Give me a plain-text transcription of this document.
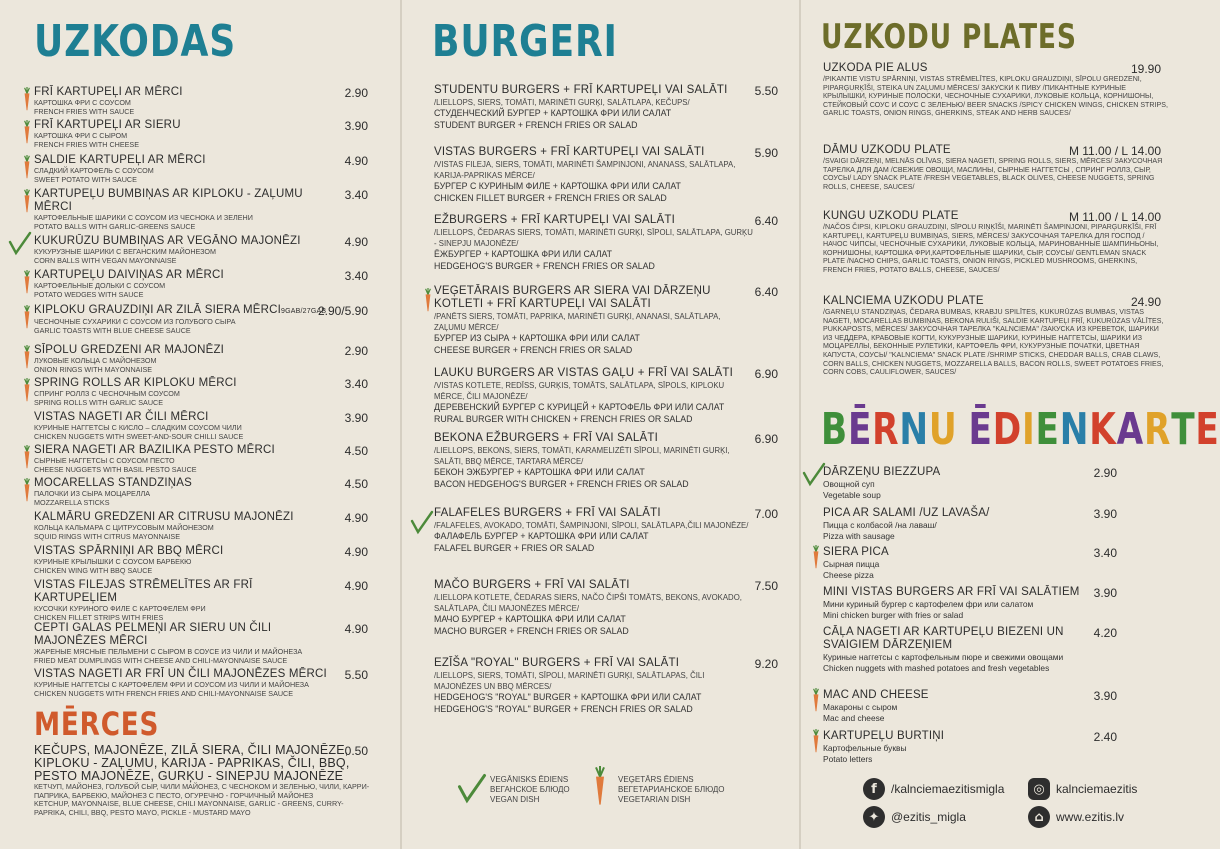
UZKODAS
FRĪ KARTUPEĻI AR MĒRCI
КАРТОШКА ФРИ С СОУСОМ
FRENCH FRIES WITH SAUCE
2.90
FRĪ KARTUPEĻI AR SIERU
КАРТОШКА ФРИ С СЫРОМ
FRENCH FRIES WITH CHEESE
3.90
SALDIE KARTUPEĻI AR MĒRCI
СЛАДКИЙ КАРТОФЕЛЬ С СОУСОМ
SWEET POTATO WITH SAUCE
4.90
KARTUPEĻU BUMBIŅAS AR KIPLOKU - ZAĻUMU MĒRCI
КАРТОФЕЛЬНЫЕ ШАРИКИ С СОУСОМ ИЗ ЧЕСНОКА И ЗЕЛЕНИ
POTATO BALLS WITH GARLIC-GREENS SAUCE
3.40
KUKURŪZU BUMBIŅAS AR VEGĀNO MAJONĒZI
КУКУРУЗНЫЕ ШАРИКИ С ВЕГАНСКИМ МАЙОНЕЗОМ
CORN BALLS WITH VEGAN MAYONNAISE
4.90
KARTUPEĻU DAIVIŅAS AR MĒRCI
КАРТОФЕЛЬНЫЕ ДОЛЬКИ С СОУСОМ
POTATO WEDGES WITH SAUCE
3.40
KIPLOKU GRAUZDIŅI AR ZILĀ SIERA MĒRCI9GAB/27GAB
ЧЕСНОЧНЫЕ СУХАРИКИ С СОУСОМ ИЗ ГОЛУБОГО СЫРА
GARLIC TOASTS WITH BLUE CHEESE SAUCE
2.90/5.90
SĪPOLU GREDZENI AR MAJONĒZI
ЛУКОВЫЕ КОЛЬЦА С МАЙОНЕЗОМ
ONION RINGS WITH MAYONNAISE
2.90
SPRING ROLLS AR KIPLOKU MĒRCI
СПРИНГ РОЛЛЗ С ЧЕСНОЧНЫМ СОУСОМ
SPRING ROLLS WITH GARLIC SAUCE
3.40
VISTAS NAGETI AR ČILI MĒRCI
КУРИНЫЕ НАГГЕТСЫ С КИСЛО – СЛАДКИМ СОУСОМ ЧИЛИ
CHICKEN NUGGETS WITH SWEET-AND-SOUR CHILLI SAUCE
3.90
SIERA NAGETI AR BAZILIKA PESTO MĒRCI
СЫРНЫЕ НАГГЕТСЫ С СОУСОМ ПЕСТО
CHEESE NUGGETS WITH BASIL PESTO SAUCE
4.50
MOCARELLAS STANDZIŅAS
ПАЛОЧКИ ИЗ СЫРА МОЦАРЕЛЛА
MOZZARELLA STICKS
4.50
KALMĀRU GREDZENI AR CITRUSU MAJONĒZI
КОЛЬЦА КАЛЬМАРА С ЦИТРУСОВЫМ МАЙОНЕЗОМ
SQUID RINGS WITH CITRUS MAYONNAISE
4.90
VISTAS SPĀRNIŅI AR BBQ MĒRCI
КУРИНЫЕ КРЫЛЫШКИ С СОУСОМ БАРБЕКЮ
CHICKEN WING WITH BBQ SAUCE
4.90
VISTAS FILEJAS STRĒMELĪTES AR FRĪ KARTUPEĻIEM
КУСОЧКИ КУРИНОГО ФИЛЕ С КАРТОФЕЛЕМ ФРИ
CHICKEN FILLET STRIPS WITH FRIES
4.90
CEPTI GALAS PELMEŅI AR SIERU UN ČILI MAJONĒZES MĒRCI
ЖАРЕНЫЕ МЯСНЫЕ ПЕЛЬМЕНИ С СЫРОМ В СОУСЕ ИЗ ЧИЛИ И МАЙОНЕЗА
FRIED MEAT DUMPLINGS WITH CHEESE AND CHILI-MAYONNAISE SAUCE
4.90
VISTAS NAGETI AR FRĪ UN ČILI MAJONĒZES MĒRCI
КУРИНЫЕ НАГГЕТСЫ С КАРТОФЕЛЕМ ФРИ И СОУСОМ ИЗ ЧИЛИ И МАЙОНЕЗА
CHICKEN NUGGETS WITH FRENCH FRIES AND CHILI-MAYONNAISE SAUCE
5.50
MĒRCES
KEČUPS, MAJONĒZE, ZILĀ SIERA, ČILI MAJONĒZE, KIPLOKU - ZAĻUMU, KARIJA - PAPRIKAS, ČILI, BBQ, PESTO MAJONĒZE, GURĶU - SINEPJU MAJONĒZE
КЕТЧУП, МАЙОНЕЗ, ГОЛУБОЙ СЫР, ЧИЛИ МАЙОНЕЗ, С ЧЕСНОКОМ И ЗЕЛЕНЬЮ, ЧИЛИ, КАРРИ-ПАПРИКА, БАРБЕКЮ, МАЙОНЕЗ С ПЕСТО, ОГУРЕЧНО - ГОРЧИЧНЫЙ МАЙОНЕЗ
KETCHUP, MAYONNAISE, BLUE CHEESE, CHILI MAYONNAISE, GARLIC - GREENS, CURRY-PAPRIKA, CHILI, BBQ, PESTO MAYO, PICKLE - MUSTARD MAYO
0.50
BURGERI
STUDENTU BURGERS + FRĪ KARTUPEĻI VAI SALĀTI
/LIELLOPS, SIERS, TOMĀTI, MARINĒTI GURĶI, SALĀTLAPA, KEČUPS/
СТУДЕНЧЕСКИЙ БУРГЕР + КАРТОШКА ФРИ ИЛИ САЛАТ
STUDENT BURGER + FRENCH FRIES OR SALAD
5.50
VISTAS BURGERS + FRĪ KARTUPEĻI VAI SALĀTI
/VISTAS FILEJA, SIERS, TOMĀTI, MARINĒTI ŠAMPINJONI, ANANASS, SALĀTLAPA, KARIJA-PAPRIKAS MĒRCE/
БУРГЕР С КУРИНЫМ ФИЛЕ + КАРТОШКА ФРИ ИЛИ САЛАТ
CHICKEN FILLET BURGER + FRENCH FRIES OR SALAD
5.90
EŽBURGERS + FRĪ KARTUPEĻI VAI SALĀTI
/LIELLOPS, ČEDARAS SIERS, TOMĀTI, MARINĒTI GURĶI, SĪPOLI, SALĀTLAPA, GURĶU - SINEPJU MAJONĒZE/
ЁЖБУРГЕР + КАРТОШКА ФРИ ИЛИ САЛАТ
HEDGEHOG'S BURGER + FRENCH FRIES OR SALAD
6.40
VEĢETĀRAIS BURGERS AR SIERA VAI DĀRZEŅU KOTLETI + FRĪ KARTUPEĻI VAI SALĀTI
/PANĒTS SIERS, TOMĀTI, PAPRIKA, MARINĒTI GURĶI, ANANASI, SALĀTLAPA, ZAĻUMU MĒRCE/
БУРГЕР ИЗ СЫРА + КАРТОШКА ФРИ ИЛИ САЛАТ
CHEESE BURGER + FRENCH FRIES OR SALAD
6.40
LAUKU BURGERS AR VISTAS GAĻU + FRĪ VAI SALĀTI
/VISTAS KOTLETE, REDĪSS, GURĶIS, TOMĀTS, SALĀTLAPA, SĪPOLS, KIPLOKU MĒRCE, ČILI MAJONĒZE/
ДЕРЕВЕНСКИЙ БУРГЕР С КУРИЦЕЙ + КАРТОФЕЛЬ ФРИ ИЛИ САЛАТ
RURAL BURGER WITH CHICKEN + FRENCH FRIES OR SALAD
6.90
BEKONA EŽBURGERS + FRĪ VAI SALĀTI
/LIELLOPS, BEKONS, SIERS, TOMĀTI, KARAMELIZĒTI SĪPOLI, MARINĒTI GURĶI, SALĀTI, BBQ MĒRCE, TARTARA MĒRCE/
БЕКОН ЭЖБУРГЕР + КАРТОШКА ФРИ ИЛИ САЛАТ
BACON HEDGEHOG'S BURGER + FRENCH FRIES OR SALAD
6.90
FALAFELES BURGERS + FRĪ VAI SALĀTI
/FALAFELES, AVOKADO, TOMĀTI, ŠAMPINJONI, SĪPOLI, SALĀTLAPA,ČILI MAJONĒZE/
ФАЛАФЕЛЬ БУРГЕР + КАРТОШКА ФРИ ИЛИ САЛАТ
FALAFEL BURGER + FRIES OR SALAD
7.00
MAČO BURGERS + FRĪ VAI SALĀTI
/LIELLOPA KOTLETE, ČEDARAS SIERS, NAČO ČIPŠI TOMĀTS, BEKONS, AVOKADO, SALĀTLAPA, ČILI MAJONĒZES MĒRCE/
МАЧО БУРГЕР + КАРТОШКА ФРИ ИЛИ САЛАТ
MACHO BURGER + FRENCH FRIES OR SALAD
7.50
EZĪŠA "ROYAL" BURGERS + FRĪ VAI SALĀTI
/LIELLOPS, SIERS, TOMĀTI, SĪPOLI, MARINĒTI GURĶI, SALĀTLAPAS, ČILI MAJONĒZES UN BBQ MĒRCES/
HEDGEHOG'S "ROYAL" BURGER + КАРТОШКА ФРИ ИЛИ САЛАТ
HEDGEHOG'S "ROYAL" BURGER + FRENCH FRIES OR SALAD
9.20
VEGĀNISKS ĒDIENS
ВЕГАНСКОЕ БЛЮДО
VEGAN DISH
VEĢETĀRS ĒDIENS
ВЕГЕТАРИАНСКОЕ БЛЮДО
VEGETARIAN DISH
UZKODU PLATES
UZKODA PIE ALUS
/PIKANTIE VISTU SPĀRNIŅI, VISTAS STRĒMELĪTES, KIPLOKU GRAUZDIŅI, SĪPOLU GREDZENI, PIPARĢURĶĪŠI, STEIKA UN ZAĻUMU MĒRCES/ ЗАКУСКИ К ПИВУ /ПИКАНТНЫЕ КУРИНЫЕ КРЫЛЫШКИ, КУРИНЫЕ ПОЛОСКИ, ЧЕСНОЧНЫЕ СУХАРИКИ, ЛУКОВЫЕ КОЛЬЦА, КОРНИШОНЫ, СТЕЙКОВЫЙ СОУС И СОУС С ЗЕЛЕНЬЮ/ BEER SNACKS /SPICY CHICKEN WINGS, CHICKEN STRIPS, GARLIC TOASTS, ONION RINGS, GHERKINS, STEAK AND HERB SAUCES/
19.90
DĀMU UZKODU PLATE
/SVAIGI DĀRZEŅI, MELNĀS OLĪVAS, SIERA NAGETI, SPRING ROLLS, SIERS, MĒRCES/ ЗАКУСОЧНАЯ ТАРЕЛКА ДЛЯ ДАМ /СВЕЖИЕ ОВОЩИ, МАСЛИНЫ, СЫРНЫЕ НАГГЕТСЫ , СПРИНГ РОЛЛЗ, СЫР, СОУСЫ/ LADY SNACK PLATE /FRESH VEGETABLES, BLACK OLIVES, CHEESE NUGGETS, SPRING ROLLS, CHEESE, SAUCES/
M 11.00 / L 14.00
KUNGU UZKODU PLATE
/NAČOS ČIPSI, KIPLOKU GRAUZDIŅI, SĪPOLU RIŅĶĪŠI, MARINĒTI ŠAMPINJONI, PIPARĢURĶĪŠI, FRĪ KARTUPEĻI, KARTUPEĻU BUMBIŅAS, SIERS, MĒRCES/ ЗАКУСОЧНАЯ ТАРЕЛКА ДЛЯ ГОСПОД /НАЧОС ЧИПСЫ, ЧЕСНОЧНЫЕ СУХАРИКИ, ЛУКОВЫЕ КОЛЬЦА, МАРИНОВАННЫЕ ШАМПИНЬОНЫ, КОРНИШОНЫ, КАРТОШКА ФРИ,КАРТОФЕЛЬНЫЕ ШАРИКИ, СЫР, СОУСЫ/ GENTLEMAN SNACK PLATE /NACHO CHIPS, GARLIC TOASTS, ONION RINGS, PICKLED MUSHROOMS, GHERKINS, FRENCH FRIES, POTATO BALLS, CHEESE, SAUCES/
M 11.00 / L 14.00
KALNCIEMA UZKODU PLATE
/GARNEĻU STANDZIŅAS, ČEDARA BUMBAS, KRABJU SPILĪTES, KUKURŪZAS BUMBAS, VISTAS NAGETI, MOCARELLAS BUMBIŅAS, BEKONA RULIŠI, SALDIE KARTUPEĻI FRĪ, KUKURŪZAS VĀLĪTES, PUKKAPOSTS, MĒRCES/ ЗАКУСОЧНАЯ ТАРЕЛКА "KALNCIEMA" /ЗАКУСКА ИЗ КРЕВЕТОК, ШАРИКИ ИЗ ЧЕДДЕРА, КРАБОВЫЕ КОГТИ, КУКУРУЗНЫЕ ШАРИКИ, КУРИНЫЕ НАГГЕТСЫ, ШАРИКИ ИЗ МОЦАРЕЛЛЫ, БЕКОННЫЕ РУЛЕТИКИ, КАРТОФЕЛЬ ФРИ, КУКУРУЗНЫЕ ПОЧАТКИ, ЦВЕТНАЯ КАПУСТА, СОУСЫ/ "KALNCIEMA" SNACK PLATE /SHRIMP STICKS, CHEDDAR BALLS, CRAB CLAWS, CORN BALLS, CHICKEN NUGGETS, MOZZARELLA BALLS, BACON ROLLS, SWEET POTATOES FRIES, CORN COBS, CAULIFLOWER, SAUCES/
24.90
BĒRNU ĒDIENKARTE
DĀRZEŅU BIEZZUPA
Овощной суп
Vegetable soup
2.90
PICA AR SALAMI /UZ LAVAŠA/
Пицца с колбасой /на лаваш/
Pizza with sausage
3.90
SIERA PICA
Сырная пицца
Cheese pizza
3.40
MINI VISTAS BURGERS AR FRĪ VAI SALĀTIEM
Мини куриный бургер с картофелем фри или салатом
Mini chicken burger with fries or salad
3.90
CĀĻA NAGETI AR KARTUPEĻU BIEZENI UN SVAIGIEM DĀRZEŅIEM
Куриные наггетсы с картофельным пюре и свежими овощами
Chicken nuggets with mashed potatoes and fresh vegetables
4.20
MAC AND CHEESE
Макароны с сыром
Mac and cheese
3.90
KARTUPEĻU BURTIŅI
Картофельные буквы
Potato letters
2.40
f	/kalnciemaezitismigla	◎ kalnciemaezitis
✦ @ezitis_migla	⌂	www.ezitis.lv
